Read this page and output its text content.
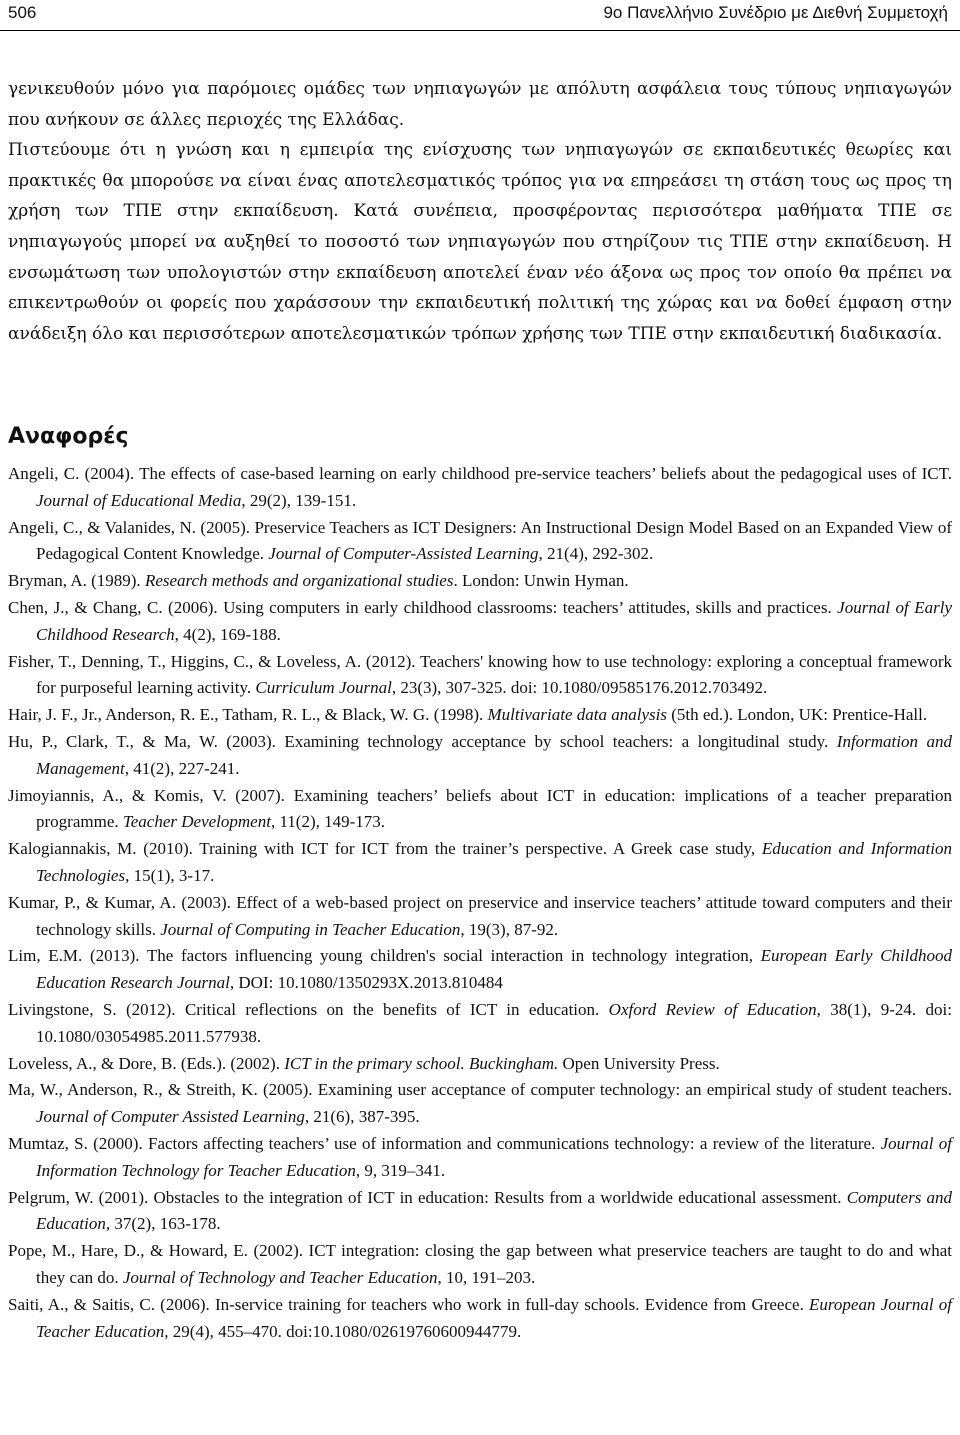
506	9ο Πανελλήνιο Συνέδριο με Διεθνή Συμμετοχή

γενικευθούν μόνο για παρόμοιες ομάδες των νηπιαγωγών με απόλυτη ασφάλεια τους τύπους νηπιαγωγών που ανήκουν σε άλλες περιοχές της Ελλάδας.

Πιστεύουμε ότι η γνώση και η εμπειρία της ενίσχυσης των νηπιαγωγών σε εκπαιδευτικές θεωρίες και πρακτικές θα μπορούσε να είναι ένας αποτελεσματικός τρόπος για να επηρεάσει τη στάση τους ως προς τη χρήση των ΤΠΕ στην εκπαίδευση. Κατά συνέπεια, προσφέροντας περισσότερα μαθήματα ΤΠΕ σε νηπιαγωγούς μπορεί να αυξηθεί το ποσοστό των νηπιαγωγών που στηρίζουν τις ΤΠΕ στην εκπαίδευση. Η ενσωμάτωση των υπολογιστών στην εκπαίδευση αποτελεί έναν νέο άξονα ως προς τον οποίο θα πρέπει να επικεντρωθούν οι φορείς που χαράσσουν την εκπαιδευτική πολιτική της χώρας και να δοθεί έμφαση στην ανάδειξη όλο και περισσότερων αποτελεσματικών τρόπων χρήσης των ΤΠΕ στην εκπαιδευτική διαδικασία.

Αναφορές
Angeli, C. (2004). The effects of case-based learning on early childhood pre-service teachers’ beliefs about the pedagogical uses of ICT. Journal of Educational Media, 29(2), 139-151.
Angeli, C., & Valanides, N. (2005). Preservice Teachers as ICT Designers: An Instructional Design Model Based on an Expanded View of Pedagogical Content Knowledge. Journal of Computer-Assisted Learning, 21(4), 292-302.
Bryman, A. (1989). Research methods and organizational studies. London: Unwin Hyman.
Chen, J., & Chang, C. (2006). Using computers in early childhood classrooms: teachers’ attitudes, skills and practices. Journal of Early Childhood Research, 4(2), 169-188.
Fisher, T., Denning, T., Higgins, C., & Loveless, A. (2012). Teachers' knowing how to use technology: exploring a conceptual framework for purposeful learning activity. Curriculum Journal, 23(3), 307-325. doi: 10.1080/09585176.2012.703492.
Hair, J. F., Jr., Anderson, R. E., Tatham, R. L., & Black, W. G. (1998). Multivariate data analysis (5th ed.). London, UK: Prentice-Hall.
Hu, P., Clark, T., & Ma, W. (2003). Examining technology acceptance by school teachers: a longitudinal study. Information and Management, 41(2), 227-241.
Jimoyiannis, A., & Komis, V. (2007). Examining teachers’ beliefs about ICT in education: implications of a teacher preparation programme. Teacher Development, 11(2), 149-173.
Kalogiannakis, M. (2010). Training with ICT for ICT from the trainer’s perspective. A Greek case study, Education and Information Technologies, 15(1), 3-17.
Kumar, P., & Kumar, A. (2003). Effect of a web-based project on preservice and inservice teachers’ attitude toward computers and their technology skills. Journal of Computing in Teacher Education, 19(3), 87-92.
Lim, E.M. (2013). The factors influencing young children's social interaction in technology integration, European Early Childhood Education Research Journal, DOI: 10.1080/1350293X.2013.810484
Livingstone, S. (2012). Critical reflections on the benefits of ICT in education. Oxford Review of Education, 38(1), 9-24. doi: 10.1080/03054985.2011.577938.
Loveless, A., & Dore, B. (Eds.). (2002). ICT in the primary school. Buckingham. Open University Press.
Ma, W., Anderson, R., & Streith, K. (2005). Examining user acceptance of computer technology: an empirical study of student teachers. Journal of Computer Assisted Learning, 21(6), 387-395.
Mumtaz, S. (2000). Factors affecting teachers’ use of information and communications technology: a review of the literature. Journal of Information Technology for Teacher Education, 9, 319–341.
Pelgrum, W. (2001). Obstacles to the integration of ICT in education: Results from a worldwide educational assessment. Computers and Education, 37(2), 163-178.
Pope, M., Hare, D., & Howard, E. (2002). ICT integration: closing the gap between what preservice teachers are taught to do and what they can do. Journal of Technology and Teacher Education, 10, 191–203.
Saiti, A., & Saitis, C. (2006). In-service training for teachers who work in full-day schools. Evidence from Greece. European Journal of Teacher Education, 29(4), 455–470. doi:10.1080/02619760600944779.
